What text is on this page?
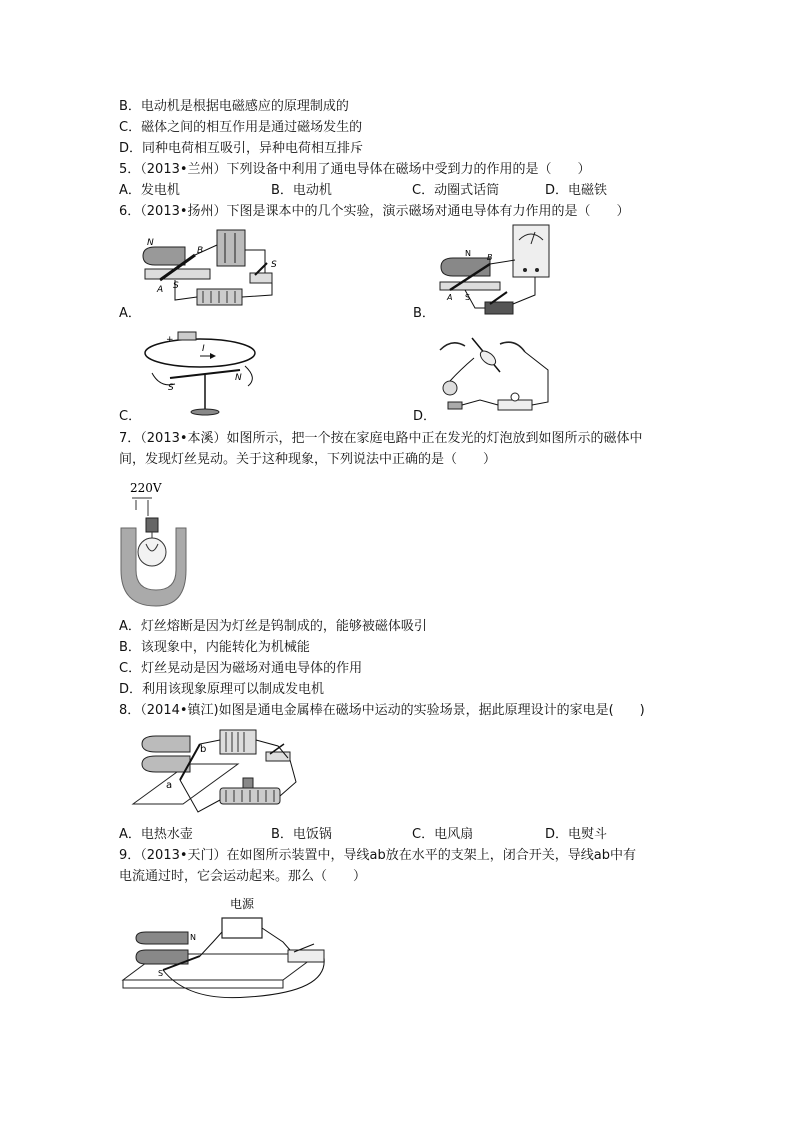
B．电动机是根据电磁感应的原理制成的
C．磁体之间的相互作用是通过磁场发生的
D．同种电荷相互吸引，异种电荷相互排斥
5．（2013•兰州）下列设备中利用了通电导体在磁场中受到力的作用的是（　　）
A．发电机	B．电动机	C．动圈式话筒	D．电磁铁
6．（2013•扬州）下图是课本中的几个实验，演示磁场对通电导体有力作用的是（　　）
N
B
A S
S
A．
N B
A S
B．
+
I
S
N
C．	D．
7．（2013•本溪）如图所示，把一个按在家庭电路中正在发光的灯泡放到如图所示的磁体中
间，发现灯丝晃动。关于这种现象，下列说法中正确的是（　　）
220V
A．灯丝熔断是因为灯丝是钨制成的，能够被磁体吸引
B．该现象中，内能转化为机械能
C．灯丝晃动是因为磁场对通电导体的作用
D．利用该现象原理可以制成发电机
8．（2014•镇江)如图是通电金属棒在磁场中运动的实验场景，据此原理设计的家电是(　　)
b
a
A．电热水壶	B．电饭锅	C．电风扇	D．电熨斗
9．（2013•天门）在如图所示装置中，导线ab放在水平的支架上，闭合开关，导线ab中有
电流通过时，它会运动起来。那么（　　）
电源
N
S
